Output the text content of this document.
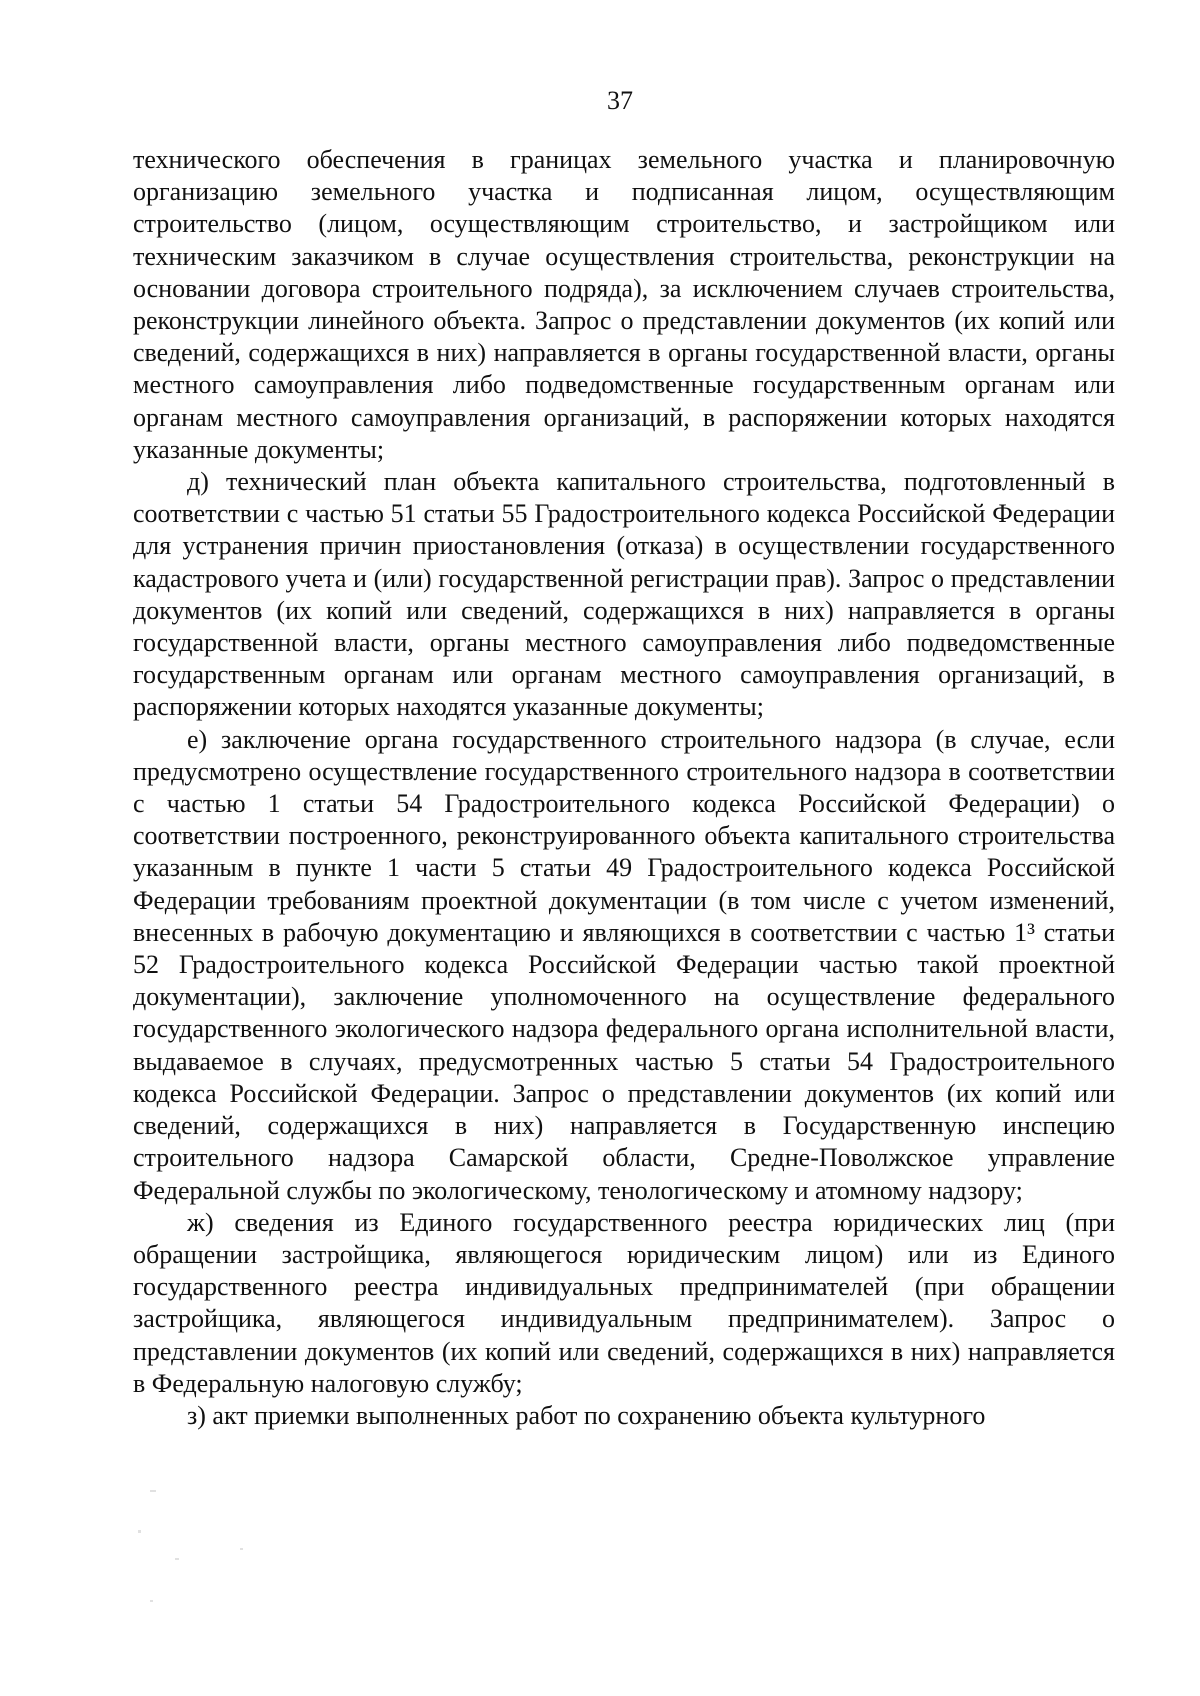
37

технического обеспечения в границах земельного участка и планировочную организацию земельного участка и подписанная лицом, осуществляющим строительство (лицом, осуществляющим строительство, и застройщиком или техническим заказчиком в случае осуществления строительства, реконструкции на основании договора строительного подряда), за исключением случаев строительства, реконструкции линейного объекта. Запрос о представлении документов (их копий или сведений, содержащихся в них) направляется в органы государственной власти, органы местного самоуправления либо подведомственные государственным органам или органам местного самоуправления организаций, в распоряжении которых находятся указанные документы;

д) технический план объекта капитального строительства, подготовленный в соответствии с частью 51 статьи 55 Градостроительного кодекса Российской Федерации для устранения причин приостановления (отказа) в осуществлении государственного кадастрового учета и (или) государственной регистрации прав). Запрос о представлении документов (их копий или сведений, содержащихся в них) направляется в органы государственной власти, органы местного самоуправления либо подведомственные государственным органам или органам местного самоуправления организаций, в распоряжении которых находятся указанные документы;

е) заключение органа государственного строительного надзора (в случае, если предусмотрено осуществление государственного строительного надзора в соответствии с частью 1 статьи 54 Градостроительного кодекса Российской Федерации) о соответствии построенного, реконструированного объекта капитального строительства указанным в пункте 1 части 5 статьи 49 Градостроительного кодекса Российской Федерации требованиям проектной документации (в том числе с учетом изменений, внесенных в рабочую документацию и являющихся в соответствии с частью 1³ статьи 52 Градостроительного кодекса Российской Федерации частью такой проектной документации), заключение уполномоченного на осуществление федерального государственного экологического надзора федерального органа исполнительной власти, выдаваемое в случаях, предусмотренных частью 5 статьи 54 Градостроительного кодекса Российской Федерации. Запрос о представлении документов (их копий или сведений, содержащихся в них) направляется в Государственную инспецию строительного надзора Самарской области, Средне-Поволжское управление Федеральной службы по экологическому, тенологическому и атомному надзору;

ж) сведения из Единого государственного реестра юридических лиц (при обращении застройщика, являющегося юридическим лицом) или из Единого государственного реестра индивидуальных предпринимателей (при обращении застройщика, являющегося индивидуальным предпринимателем). Запрос о представлении документов (их копий или сведений, содержащихся в них) направляется в Федеральную налоговую службу;

з) акт приемки выполненных работ по сохранению объекта культурного
